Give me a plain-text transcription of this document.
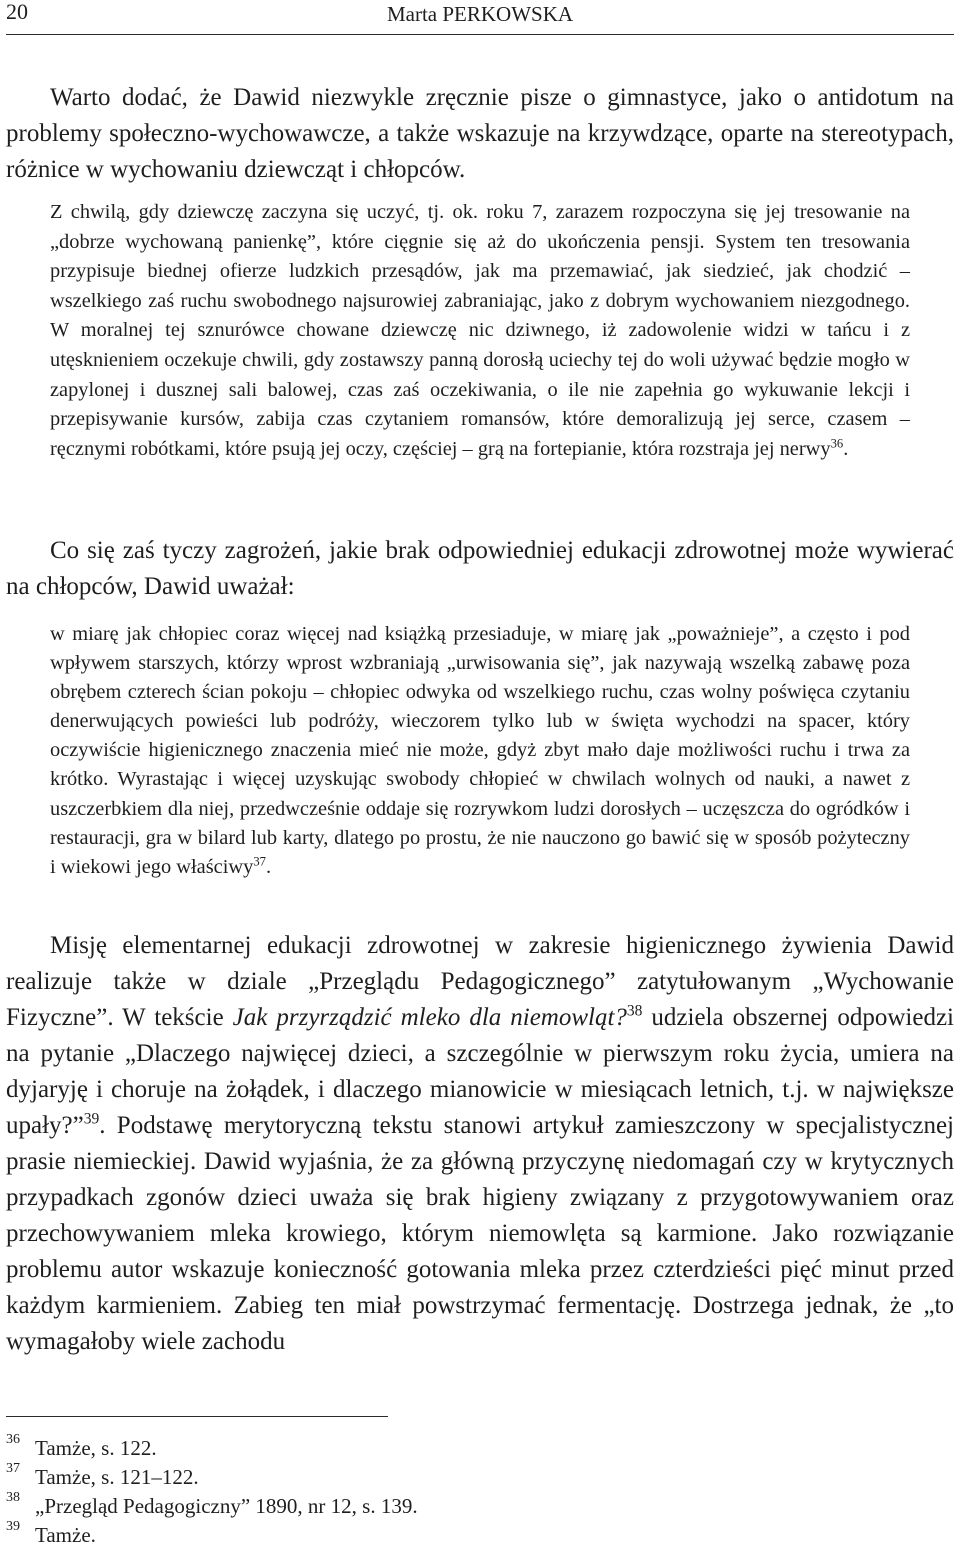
20	Marta PERKOWSKA

Warto dodać, że Dawid niezwykle zręcznie pisze o gimnastyce, jako o antidotum na problemy społeczno-wychowawcze, a także wskazuje na krzywdzące, oparte na stereotypach, różnice w wychowaniu dziewcząt i chłopców.

Z chwilą, gdy dziewczę zaczyna się uczyć, tj. ok. roku 7, zarazem rozpoczyna się jej tresowanie na „dobrze wychowaną panienkę”, które cięgnie się aż do ukończenia pensji. System ten tresowania przypisuje biednej ofierze ludzkich przesądów, jak ma przemawiać, jak siedzieć, jak chodzić – wszelkiego zaś ruchu swobodnego najsurowiej zabraniając, jako z dobrym wychowaniem niezgodnego. W moralnej tej sznurówce chowane dziewczę nic dziwnego, iż zadowolenie widzi w tańcu i z utęsknieniem oczekuje chwili, gdy zostawszy panną dorosłą uciechy tej do woli używać będzie mogło w zapylonej i dusznej sali balowej, czas zaś oczekiwania, o ile nie zapełnia go wykuwanie lekcji i przepisywanie kursów, zabija czas czytaniem romansów, które demoralizują jej serce, czasem – ręcznymi robótkami, które psują jej oczy, częściej – grą na fortepianie, która rozstraja jej nerwy$^{36}$.

Co się zaś tyczy zagrożeń, jakie brak odpowiedniej edukacji zdrowotnej może wywierać na chłopców, Dawid uważał:

w miarę jak chłopiec coraz więcej nad książką przesiaduje, w miarę jak „poważnieje”, a często i pod wpływem starszych, którzy wprost wzbraniają „urwisowania się”, jak nazywają wszelką zabawę poza obrębem czterech ścian pokoju – chłopiec odwyka od wszelkiego ruchu, czas wolny poświęca czytaniu denerwujących powieści lub podróży, wieczorem tylko lub w święta wychodzi na spacer, który oczywiście higienicznego znaczenia mieć nie może, gdyż zbyt mało daje możliwości ruchu i trwa za krótko. Wyrastając i więcej uzyskując swobody chłopieć w chwilach wolnych od nauki, a nawet z uszczerbkiem dla niej, przedwcześnie oddaje się rozrywkom ludzi dorosłych – uczęszcza do ogródków i restauracji, gra w bilard lub karty, dlatego po prostu, że nie nauczono go bawić się w sposób pożyteczny i wiekowi jego właściwy$^{37}$.

Misję elementarnej edukacji zdrowotnej w zakresie higienicznego żywienia Dawid realizuje także w dziale „Przeglądu Pedagogicznego” zatytułowanym „Wychowanie Fizyczne”. W tekście Jak przyrządzić mleko dla niemowląt?$^{38}$ udziela obszernej odpowiedzi na pytanie „Dlaczego najwięcej dzieci, a szczególnie w pierwszym roku życia, umiera na dyjaryję i choruje na żołądek, i dlaczego mianowicie w miesiącach letnich, t.j. w największe upały?”$^{39}$. Podstawę merytoryczną tekstu stanowi artykuł zamieszczony w specjalistycznej prasie niemieckiej. Dawid wyjaśnia, że za główną przyczynę niedomagań czy w krytycznych przypadkach zgonów dzieci uważa się brak higieny związany z przygotowywaniem oraz przechowywaniem mleka krowiego, którym niemowlęta są karmione. Jako rozwiązanie problemu autor wskazuje konieczność gotowania mleka przez czterdzieści pięć minut przed każdym karmieniem. Zabieg ten miał powstrzymać fermentację. Dostrzega jednak, że „to wymagałoby wiele zachodu

36 Tamże, s. 122.
37 Tamże, s. 121–122.
38 „Przegląd Pedagogiczny” 1890, nr 12, s. 139.
39 Tamże.
